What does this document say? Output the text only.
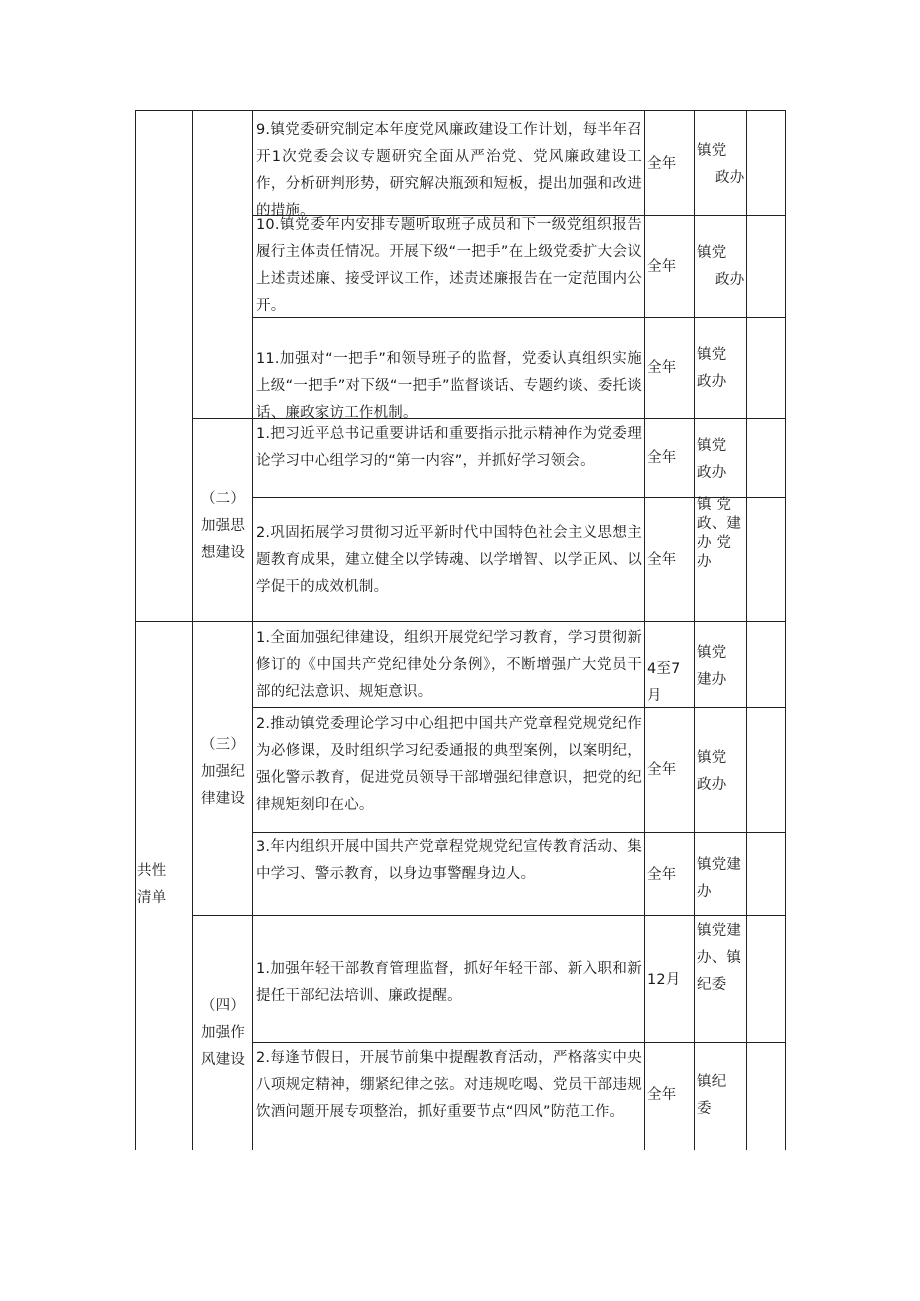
共性
清单
（二）
加强思
想建设
（三）
加强纪
律建设
（四）
加强作
风建设
9.镇党委研究制定本年度党风廉政建设工作计划，每半年召开1次党委会议专题研究全面从严治党、党风廉政建设工作，分析研判形势，研究解决瓶颈和短板，提出加强和改进的措施。
全年
镇党
政办
10.镇党委年内安排专题听取班子成员和下一级党组织报告履行主体责任情况。开展下级“一把手”在上级党委扩大会议上述责述廉、接受评议工作，述责述廉报告在一定范围内公开。
全年
镇党
政办
11.加强对“一把手”和领导班子的监督，党委认真组织实施上级“一把手”对下级“一把手”监督谈话、专题约谈、委托谈话、廉政家访工作机制。
全年
镇党
政办
1.把习近平总书记重要讲话和重要指示批示精神作为党委理论学习中心组学习的“第一内容”，并抓好学习领会。	全年
镇党
政办
2.巩固拓展学习贯彻习近平新时代中国特色社会主义思想主题教育成果，建立健全以学铸魂、以学增智、以学正风、以学促干的成效机制。
全年
镇 党
政、建
办 党
办
1.全面加强纪律建设，组织开展党纪学习教育，学习贯彻新修订的《中国共产党纪律处分条例》，不断增强广大党员干部的纪法意识、规矩意识。
4至7
月
镇党
建办
2.推动镇党委理论学习中心组把中国共产党章程党规党纪作为必修课，及时组织学习纪委通报的典型案例，以案明纪，强化警示教育，促进党员领导干部增强纪律意识，把党的纪律规矩刻印在心。
全年
镇党
政办
3.年内组织开展中国共产党章程党规党纪宣传教育活动、集中学习、警示教育，以身边事警醒身边人。	全年
镇党建
办
1.加强年轻干部教育管理监督，抓好年轻干部、新入职和新提任干部纪法培训、廉政提醒。
12月
镇党建
办、镇
纪委
2.每逢节假日，开展节前集中提醒教育活动，严格落实中央八项规定精神，绷紧纪律之弦。对违规吃喝、党员干部违规饮酒问题开展专项整治，抓好重要节点“四风”防范工作。
全年
镇纪
委
